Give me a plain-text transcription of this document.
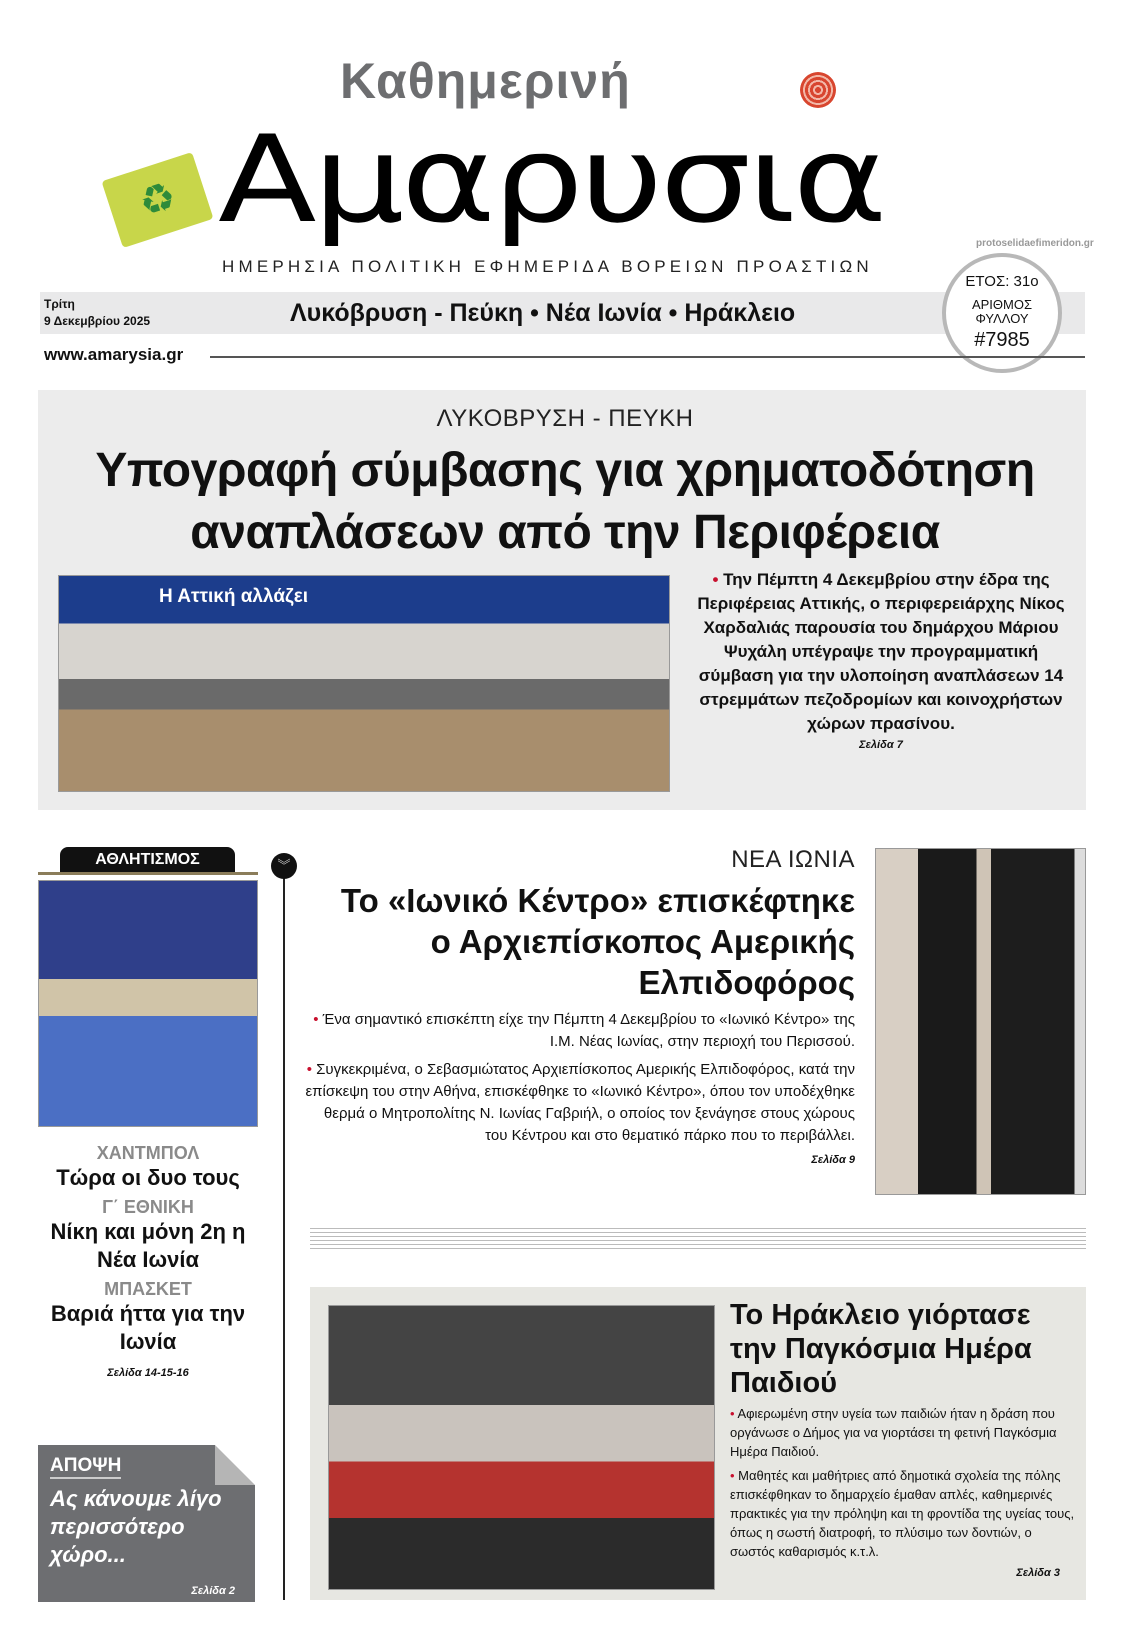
Καθημερινή
Αμαρυσια
♻
ΗΜΕΡΗΣΙΑ ΠΟΛΙΤΙΚΗ ΕΦΗΜΕΡΙΔΑ ΒΟΡΕΙΩΝ ΠΡΟΑΣΤΙΩΝ
protoselidaefimeridon.gr
Τρίτη
9 Δεκεμβρίου 2025	Λυκόβρυση - Πεύκη • Νέα Ιωνία • Ηράκλειο
ΕΤΟΣ: 31ο
ΑΡΙΘΜΟΣ
ΦΥΛΛΟΥ
#7985
www.amarysia.gr
ΛΥΚΟΒΡΥΣΗ - ΠΕΥΚΗ
Υπογραφή σύμβασης για χρηματοδότηση
αναπλάσεων από την Περιφέρεια
Η Αττική αλλάζει
• Την Πέμπτη 4 Δεκεμβρίου στην έδρα της Περιφέρειας Αττικής, ο περιφερειάρχης Νίκος Χαρδαλιάς παρουσία του δημάρχου Μάριου Ψυχάλη υπέγραψε την προγραμματική σύμβαση για την υλοποίηση αναπλάσεων 14 στρεμμάτων πεζοδρομίων και κοινοχρήστων χώρων πρασίνου.
Σελίδα 7
ΑΘΛΗΤΙΣΜΟΣ
ΧΑΝΤΜΠΟΛ
Τώρα οι δυο τους
Γ΄ ΕΘΝΙΚΗ
Νίκη και μόνη 2η η Νέα Ιωνία
ΜΠΑΣΚΕΤ
Βαριά ήττα για την Ιωνία
Σελίδα 14-15-16
ΑΠΟΨΗ
Ας κάνουμε λίγο περισσότερο χώρο...
Σελίδα 2
︾	ΝΕΑ ΙΩΝΙΑ
Το «Ιωνικό Κέντρο» επισκέφτηκε
ο Αρχιεπίσκοπος Αμερικής
Ελπιδοφόρος

• Ένα σημαντικό επισκέπτη είχε την Πέμπτη 4 Δεκεμβρίου το «Ιωνικό Κέντρο» της Ι.Μ. Νέας Ιωνίας, στην περιοχή του Περισσού.

• Συγκεκριμένα, ο Σεβασμιώτατος Αρχιεπίσκοπος Αμερικής Ελπιδοφόρος, κατά την επίσκεψη του στην Αθήνα, επισκέφθηκε το «Ιωνικό Κέντρο», όπου τον υποδέχθηκε θερμά ο Μητροπολίτης Ν. Ιωνίας Γαβριήλ, ο οποίος τον ξενάγησε στους χώρους του Κέντρου και στο θεματικό πάρκο που το περιβάλλει.

Σελίδα 9
Το Ηράκλειο γιόρτασε την Παγκόσμια Ημέρα Παιδιού

• Αφιερωμένη στην υγεία των παιδιών ήταν η δράση που οργάνωσε ο Δήμος για να γιορτάσει τη φετινή Παγκόσμια Ημέρα Παιδιού.

• Μαθητές και μαθήτριες από δημοτικά σχολεία της πόλης επισκέφθηκαν το δημαρχείο έμαθαν απλές, καθημερινές πρακτικές για την πρόληψη και τη φροντίδα της υγείας τους, όπως η σωστή διατροφή, το πλύσιμο των δοντιών, ο σωστός καθαρισμός κ.τ.λ.

Σελίδα 3
